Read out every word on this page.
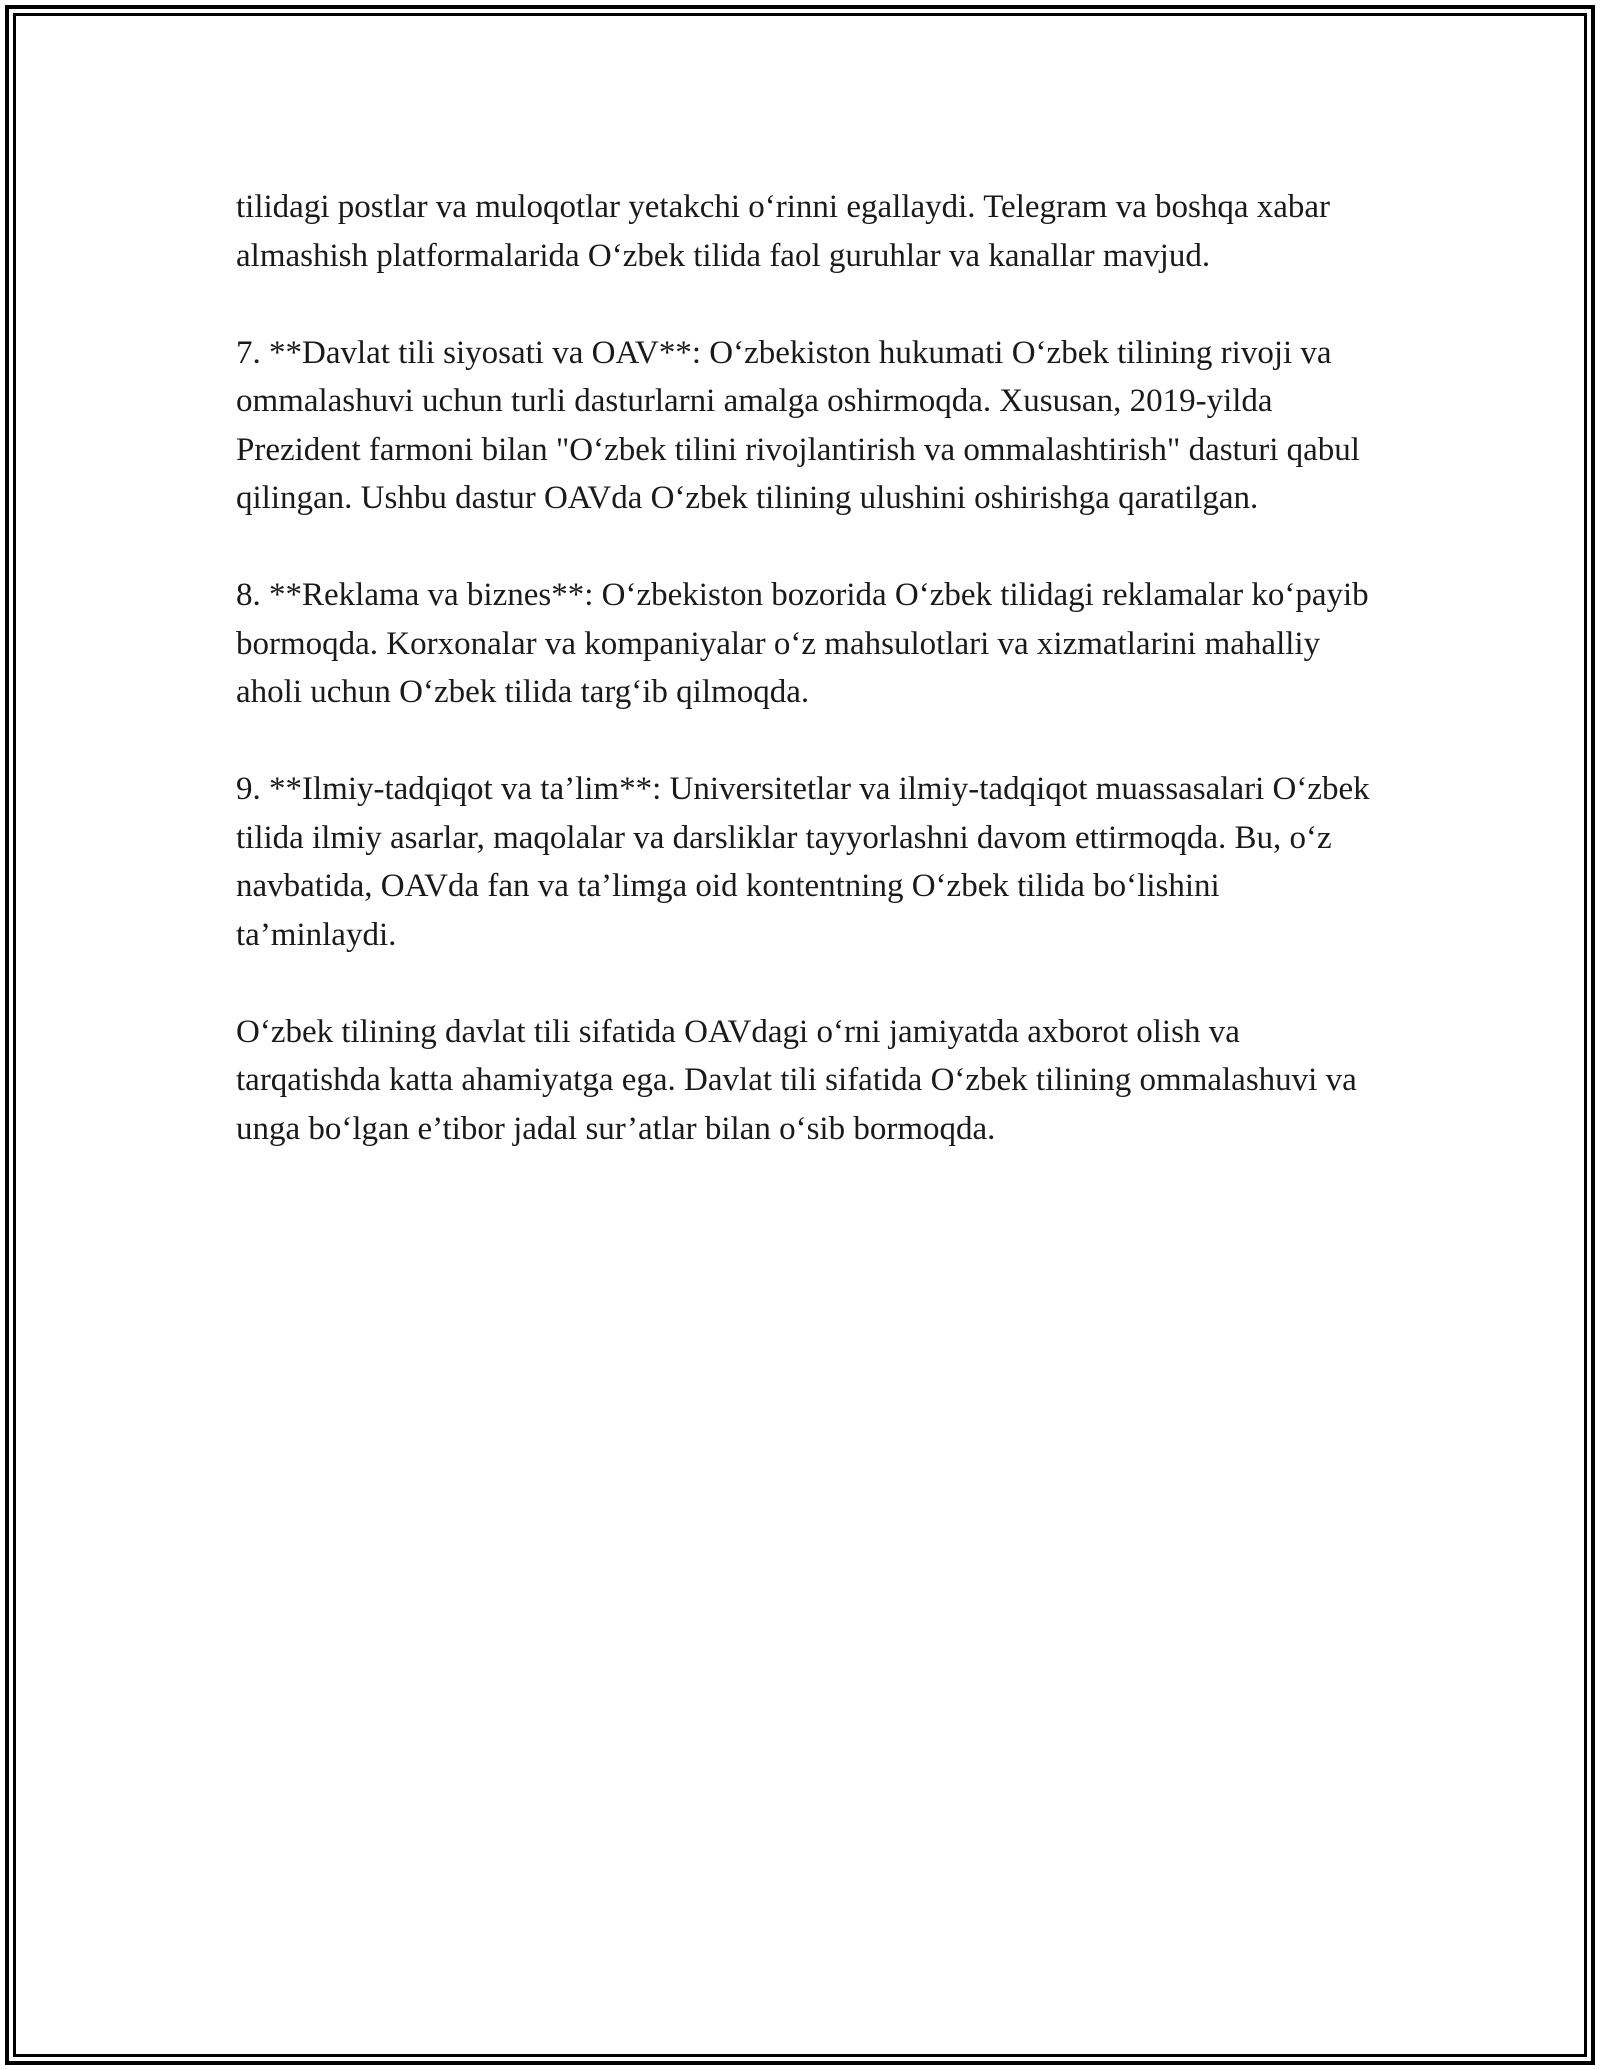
tilidagi postlar va muloqotlar yetakchi o‘rinni egallaydi. Telegram va boshqa xabar almashish platformalarida O‘zbek tilida faol guruhlar va kanallar mavjud.

7. **Davlat tili siyosati va OAV**: O‘zbekiston hukumati O‘zbek tilining rivoji va ommalashuvi uchun turli dasturlarni amalga oshirmoqda. Xususan, 2019-yilda Prezident farmoni bilan "O‘zbek tilini rivojlantirish va ommalashtirish" dasturi qabul qilingan. Ushbu dastur OAVda O‘zbek tilining ulushini oshirishga qaratilgan.

8. **Reklama va biznes**: O‘zbekiston bozorida O‘zbek tilidagi reklamalar ko‘payib bormoqda. Korxonalar va kompaniyalar o‘z mahsulotlari va xizmatlarini mahalliy aholi uchun O‘zbek tilida targ‘ib qilmoqda.

9. **Ilmiy-tadqiqot va ta’lim**: Universitetlar va ilmiy-tadqiqot muassasalari O‘zbek tilida ilmiy asarlar, maqolalar va darsliklar tayyorlashni davom ettirmoqda. Bu, o‘z navbatida, OAVda fan va ta’limga oid kontentning O‘zbek tilida bo‘lishini ta’minlaydi.

O‘zbek tilining davlat tili sifatida OAVdagi o‘rni jamiyatda axborot olish va tarqatishda katta ahamiyatga ega. Davlat tili sifatida O‘zbek tilining ommalashuvi va unga bo‘lgan e’tibor jadal sur’atlar bilan o‘sib bormoqda.
